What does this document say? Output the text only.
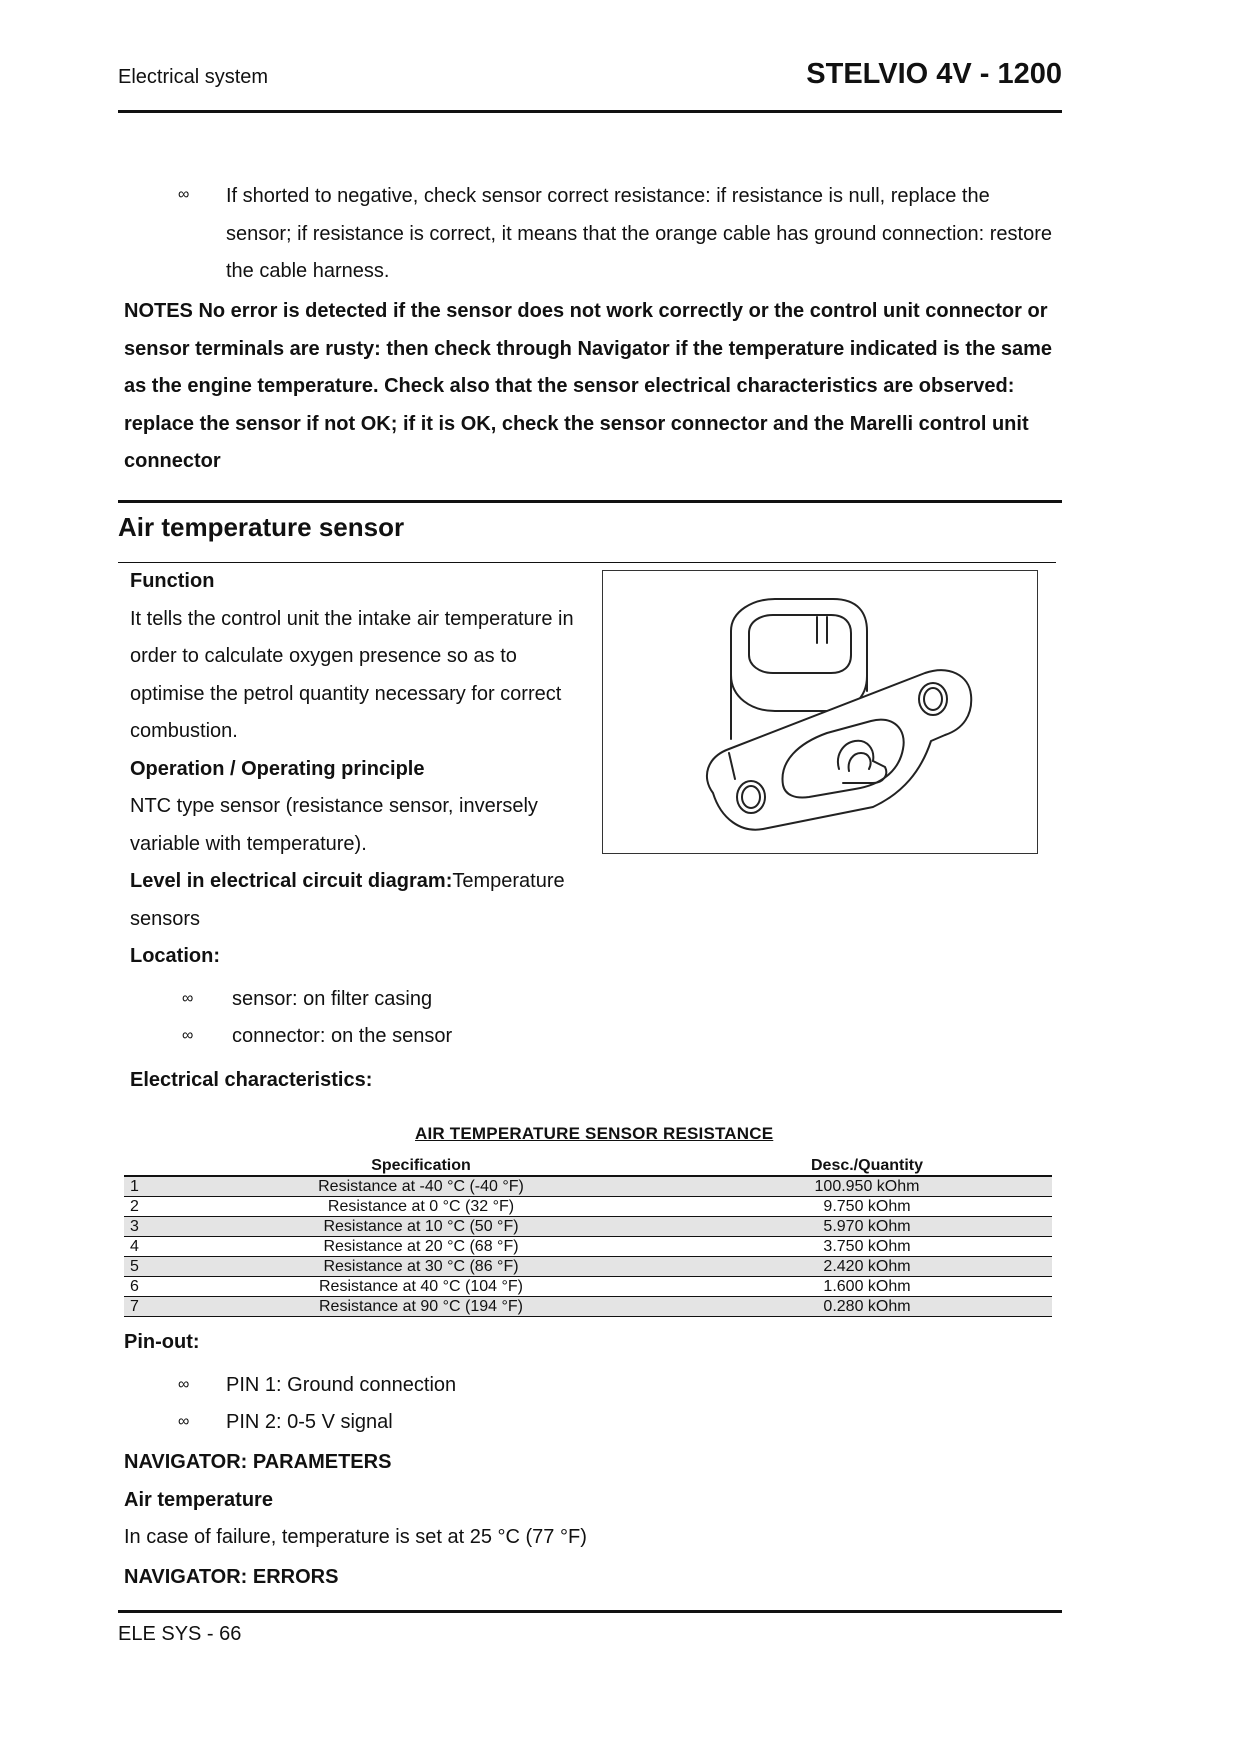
Electrical system	STELVIO 4V - 1200
∞ If shorted to negative, check sensor correct resistance: if resistance is null, replace the sensor; if resistance is correct, it means that the orange cable has ground connection: restore the cable harness.
NOTES No error is detected if the sensor does not work correctly or the control unit connector or sensor terminals are rusty: then check through Navigator if the temperature indicated is the same as the engine temperature. Check also that the sensor electrical characteristics are observed: replace the sensor if not OK; if it is OK, check the sensor connector and the Marelli control unit connector
Air temperature sensor

Function

It tells the control unit the intake air temperature in order to calculate oxygen presence so as to optimise the petrol quantity necessary for correct combustion.

Operation / Operating principle

NTC type sensor (resistance sensor, inversely variable with temperature).

Level in electrical circuit diagram:Temperature sensors

Location:

∞ sensor: on filter casing
∞ connector: on the sensor
Electrical characteristics:
AIR TEMPERATURE SENSOR RESISTANCE
	Specification	Desc./Quantity
1	Resistance at -40 °C (-40 °F)	100.950 kOhm
2	Resistance at 0 °C (32 °F)	9.750 kOhm
3	Resistance at 10 °C (50 °F)	5.970 kOhm
4	Resistance at 20 °C (68 °F)	3.750 kOhm
5	Resistance at 30 °C (86 °F)	2.420 kOhm
6	Resistance at 40 °C (104 °F)	1.600 kOhm
7	Resistance at 90 °C (194 °F)	0.280 kOhm
Pin-out:
∞ PIN 1: Ground connection
∞ PIN 2: 0-5 V signal
NAVIGATOR: PARAMETERS
Air temperature
In case of failure, temperature is set at 25 °C (77 °F)
NAVIGATOR: ERRORS
ELE SYS - 66
